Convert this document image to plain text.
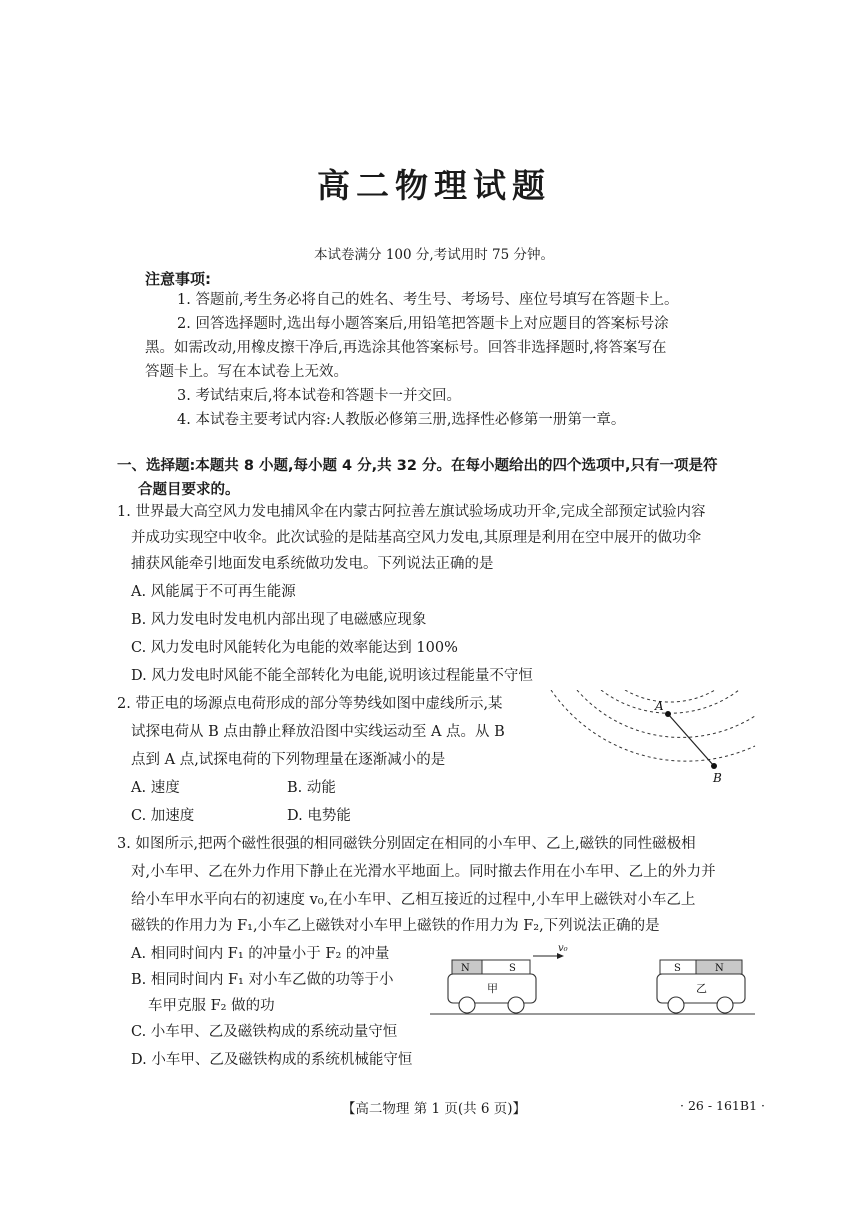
高二物理试题
本试卷满分 100 分,考试用时 75 分钟。
注意事项:
1. 答题前,考生务必将自己的姓名、考生号、考场号、座位号填写在答题卡上。
2. 回答选择题时,选出每小题答案后,用铅笔把答题卡上对应题目的答案标号涂
黑。如需改动,用橡皮擦干净后,再选涂其他答案标号。回答非选择题时,将答案写在
答题卡上。写在本试卷上无效。
3. 考试结束后,将本试卷和答题卡一并交回。
4. 本试卷主要考试内容:人教版必修第三册,选择性必修第一册第一章。
一、选择题:本题共 8 小题,每小题 4 分,共 32 分。在每小题给出的四个选项中,只有一项是符
合题目要求的。
1. 世界最大高空风力发电捕风伞在内蒙古阿拉善左旗试验场成功开伞,完成全部预定试验内容
并成功实现空中收伞。此次试验的是陆基高空风力发电,其原理是利用在空中展开的做功伞
捕获风能牵引地面发电系统做功发电。下列说法正确的是
A. 风能属于不可再生能源
B. 风力发电时发电机内部出现了电磁感应现象
C. 风力发电时风能转化为电能的效率能达到 100%
D. 风力发电时风能不能全部转化为电能,说明该过程能量不守恒
2. 带正电的场源点电荷形成的部分等势线如图中虚线所示,某
试探电荷从 B 点由静止释放沿图中实线运动至 A 点。从 B
点到 A 点,试探电荷的下列物理量在逐渐减小的是
A. 速度	B. 动能
C. 加速度	D. 电势能
A
B
3. 如图所示,把两个磁性很强的相同磁铁分别固定在相同的小车甲、乙上,磁铁的同性磁极相
对,小车甲、乙在外力作用下静止在光滑水平地面上。同时撤去作用在小车甲、乙上的外力并
给小车甲水平向右的初速度 v₀,在小车甲、乙相互接近的过程中,小车甲上磁铁对小车乙上
磁铁的作用力为 F₁,小车乙上磁铁对小车甲上磁铁的作用力为 F₂,下列说法正确的是
A. 相同时间内 F₁ 的冲量小于 F₂ 的冲量
B. 相同时间内 F₁ 对小车乙做的功等于小
车甲克服 F₂ 做的功
C. 小车甲、乙及磁铁构成的系统动量守恒
D. 小车甲、乙及磁铁构成的系统机械能守恒
v₀
N	S
甲
S	N
乙
【高二物理 第 1 页(共 6 页)】	· 26 - 161B1 ·
